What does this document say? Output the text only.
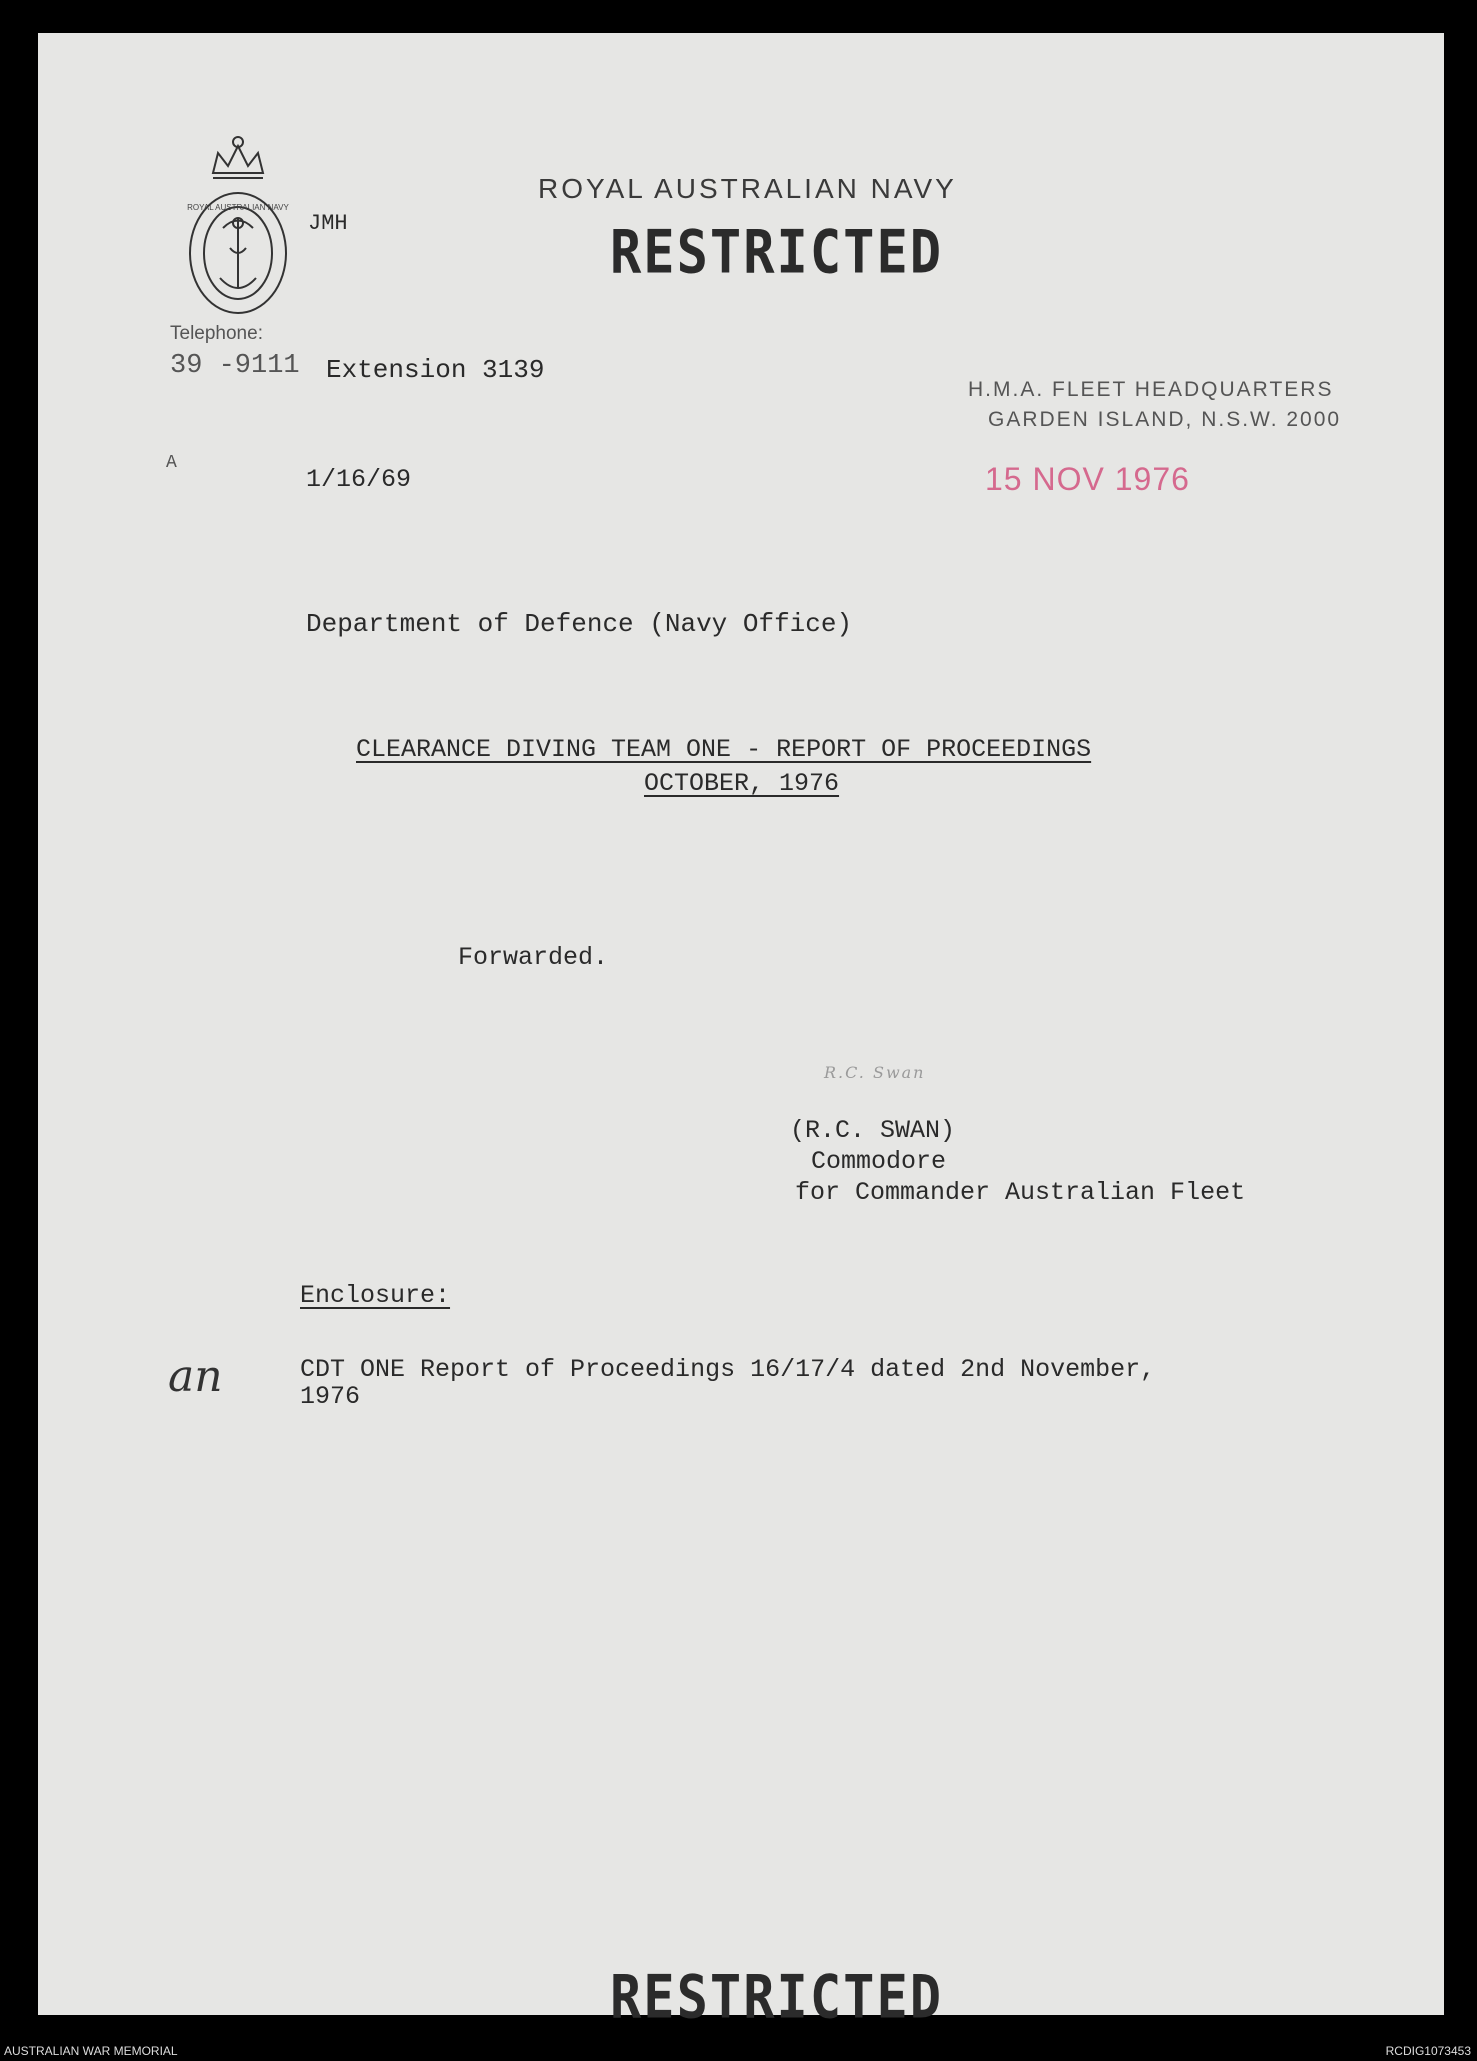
ROYAL AUSTRALIAN NAVY
ROYAL AUSTRALIAN NAVY
RESTRICTED
JMH
Telephone:
39 -9111 Extension 3139
H.M.A. FLEET HEADQUARTERS
GARDEN ISLAND, N.S.W. 2000
A
1/16/69	15 NOV 1976
Department of Defence (Navy Office)
CLEARANCE DIVING TEAM ONE - REPORT OF PROCEEDINGS
OCTOBER, 1976
Forwarded.
R.C. Swan
(R.C. SWAN)
Commodore
for Commander Australian Fleet
Enclosure:
an	CDT ONE Report of Proceedings 16/17/4 dated 2nd November,
1976
RESTRICTED
AUSTRALIAN WAR MEMORIAL	RCDIG1073453
